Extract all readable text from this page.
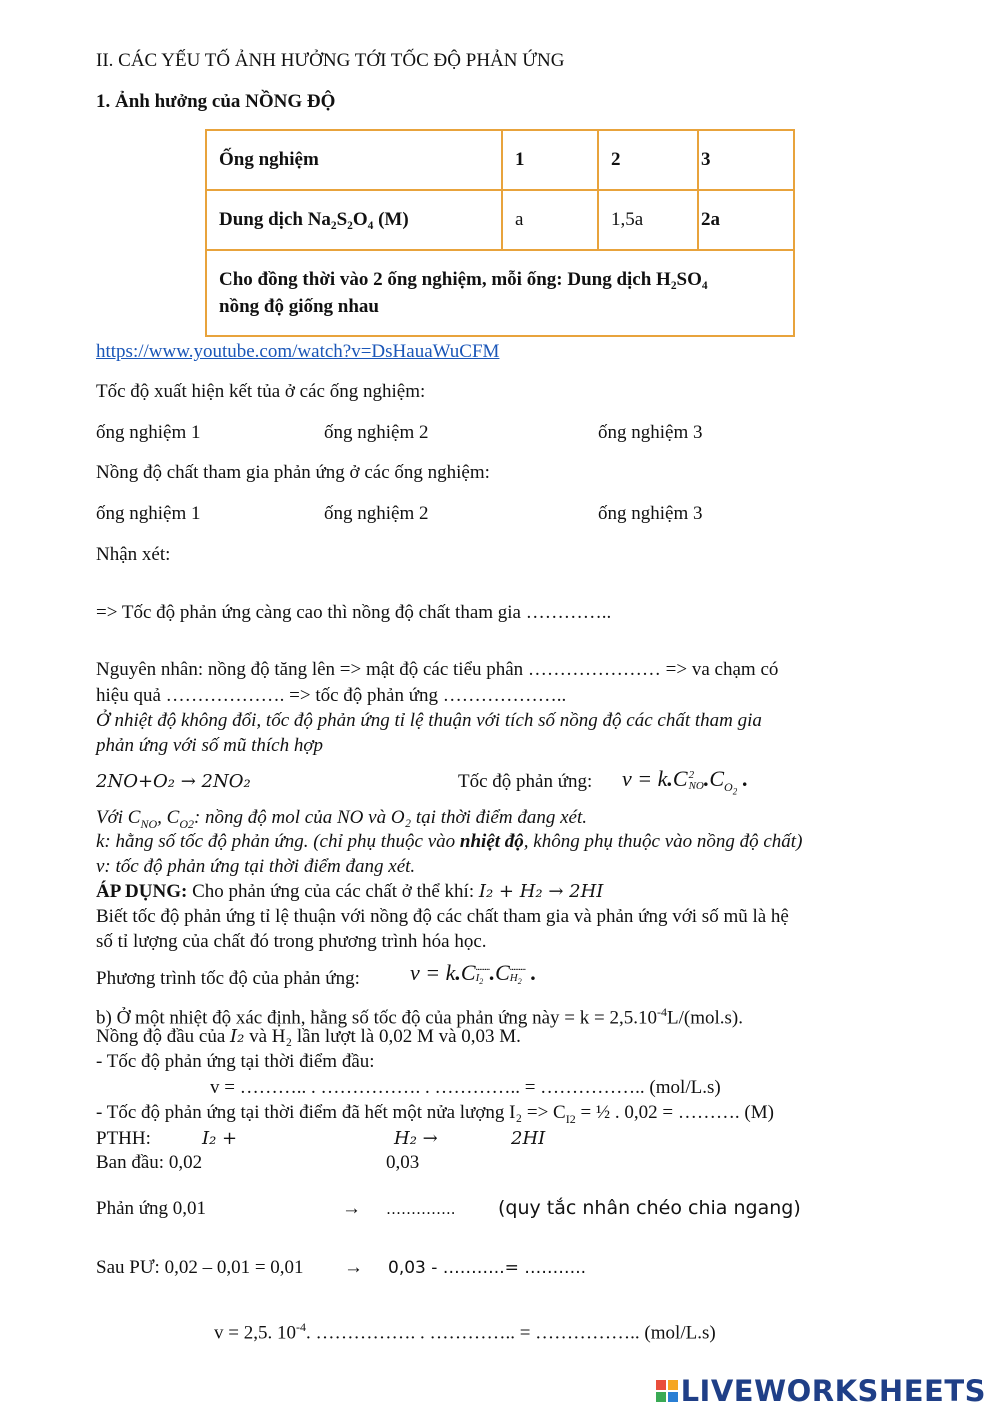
II. CÁC YẾU TỐ ẢNH HƯỞNG TỚI TỐC ĐỘ PHẢN ỨNG
1. Ảnh hưởng của NỒNG ĐỘ
Ống nghiệm	1	2	3
Dung dịch Na₂S₂O₄ (M)	a	1,5a	2a

Cho đồng thời vào 2 ống nghiệm, mỗi ống: Dung dịch H₂SO₄
nồng độ giống nhau			
https://www.youtube.com/watch?v=DsHauaWuCFM
Tốc độ xuất hiện kết tủa ở các ống nghiệm:
ống nghiệm 1	ống nghiệm 2	ống nghiệm 3
Nồng độ chất tham gia phản ứng ở các ống nghiệm:
ống nghiệm 1	ống nghiệm 2	ống nghiệm 3
Nhận xét:
=> Tốc độ phản ứng càng cao thì nồng độ chất tham gia …………..
Nguyên nhân: nồng độ tăng lên => mật độ các tiểu phân ………………… => va chạm có
hiệu quả ………………. => tốc độ phản ứng ………………..
Ở nhiệt độ không đổi, tốc độ phản ứng tỉ lệ thuận với tích số nồng độ các chất tham gia
phản ứng với số mũ thích hợp
2NO+O₂ → 2NO₂	Tốc độ phản ứng: v = k.C 2
NO $.C_{O_2}$ .
Với $C_{NO}$, $C_{O2}$: nồng độ mol của NO và O₂ tại thời điểm đang xét.
k: hằng số tốc độ phản ứng. (chỉ phụ thuộc vào nhiệt độ, không phụ thuộc vào nồng độ chất)
v: tốc độ phản ứng tại thời điểm đang xét.
ÁP DỤNG: Cho phản ứng của các chất ở thể khí: I₂ + H₂ → 2HI
Biết tốc độ phản ứng tỉ lệ thuận với nồng độ các chất tham gia và phản ứng với số mũ là hệ
số tỉ lượng của chất đó trong phương trình hóa học.
Phương trình tốc độ của phản ứng: v = k.C ........
$I_2$ .C .........
$H_2$ .
b) Ở một nhiệt độ xác định, hằng số tốc độ của phản ứng này = $k = 2,5.10^{-4}L/(mol.s)$.
Nồng độ đầu của I₂ và H₂ lần lượt là 0,02 M và 0,03 M.
- Tốc độ phản ứng tại thời điểm đầu:
v = ……….. . ……………. . ………….. = …………….. (mol/L.s)
- Tốc độ phản ứng tại thời điểm đã hết một nửa lượng $I_2 => C_{I2}$ = ½ . 0,02 = ………. (M)
PTHH:	I₂ +	H₂ →	2HI
Ban đầu: 0,02	0,03
Phản ứng 0,01	→ ………….. (quy tắc nhân chéo chia ngang)
Sau PƯ: 0,02 – 0,01 = 0,01 → 0,03 - ………..= ………..
v = 2,5. $10^{-4}$. ……………. . ………….. = …………….. (mol/L.s)
LIVEWORKSHEETS
